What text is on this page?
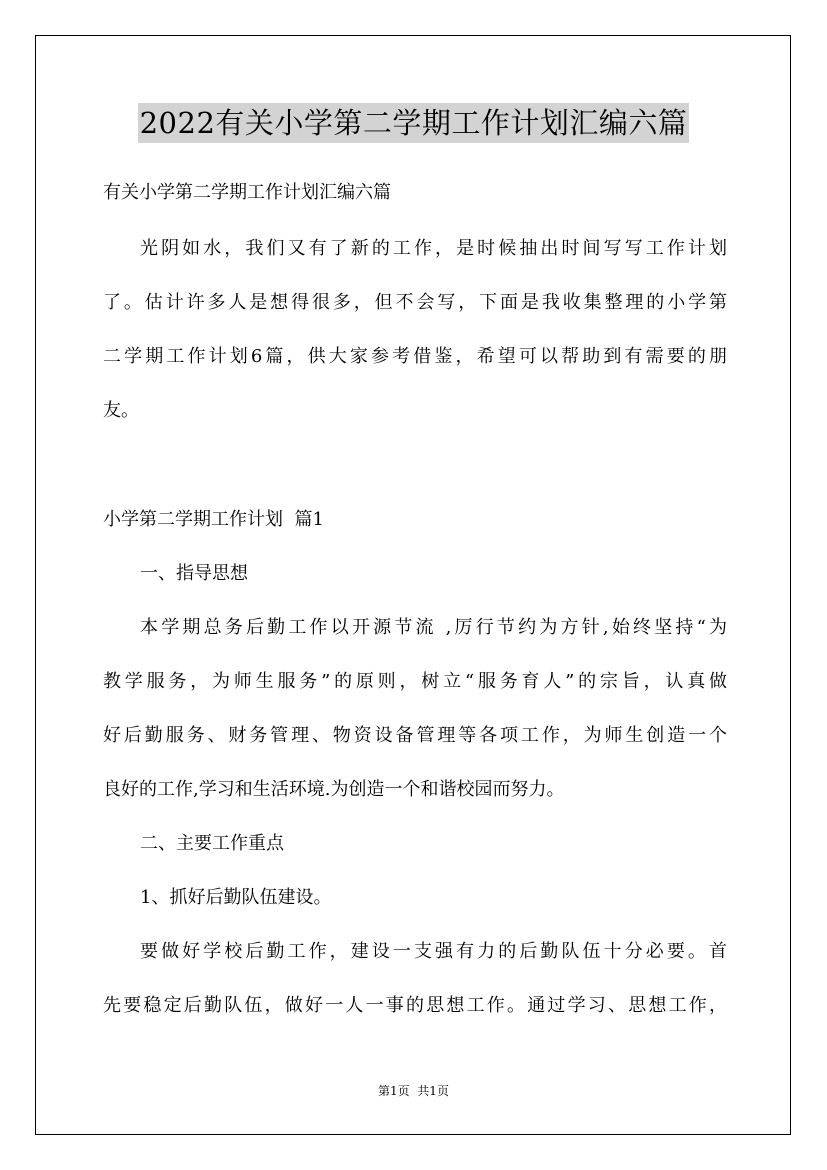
2022有关小学第二学期工作计划汇编六篇
有关小学第二学期工作计划汇编六篇
光阴如水，我们又有了新的工作，是时候抽出时间写写工作计划
了。估计许多人是想得很多，但不会写，下面是我收集整理的小学第
二学期工作计划6篇，供大家参考借鉴，希望可以帮助到有需要的朋
友。
小学第二学期工作计划  篇1
一、指导思想
本学期总务后勤工作以开源节流 ,厉行节约为方针,始终坚持“为
教学服务，为师生服务”的原则，树立“服务育人”的宗旨，认真做
好后勤服务、财务管理、物资设备管理等各项工作，为师生创造一个
良好的工作,学习和生活环境.为创造一个和谐校园而努力。
二、主要工作重点
1、抓好后勤队伍建设。
要做好学校后勤工作，建设一支强有力的后勤队伍十分必要。首
先要稳定后勤队伍，做好一人一事的思想工作。通过学习、思想工作，
第1页  共1页
